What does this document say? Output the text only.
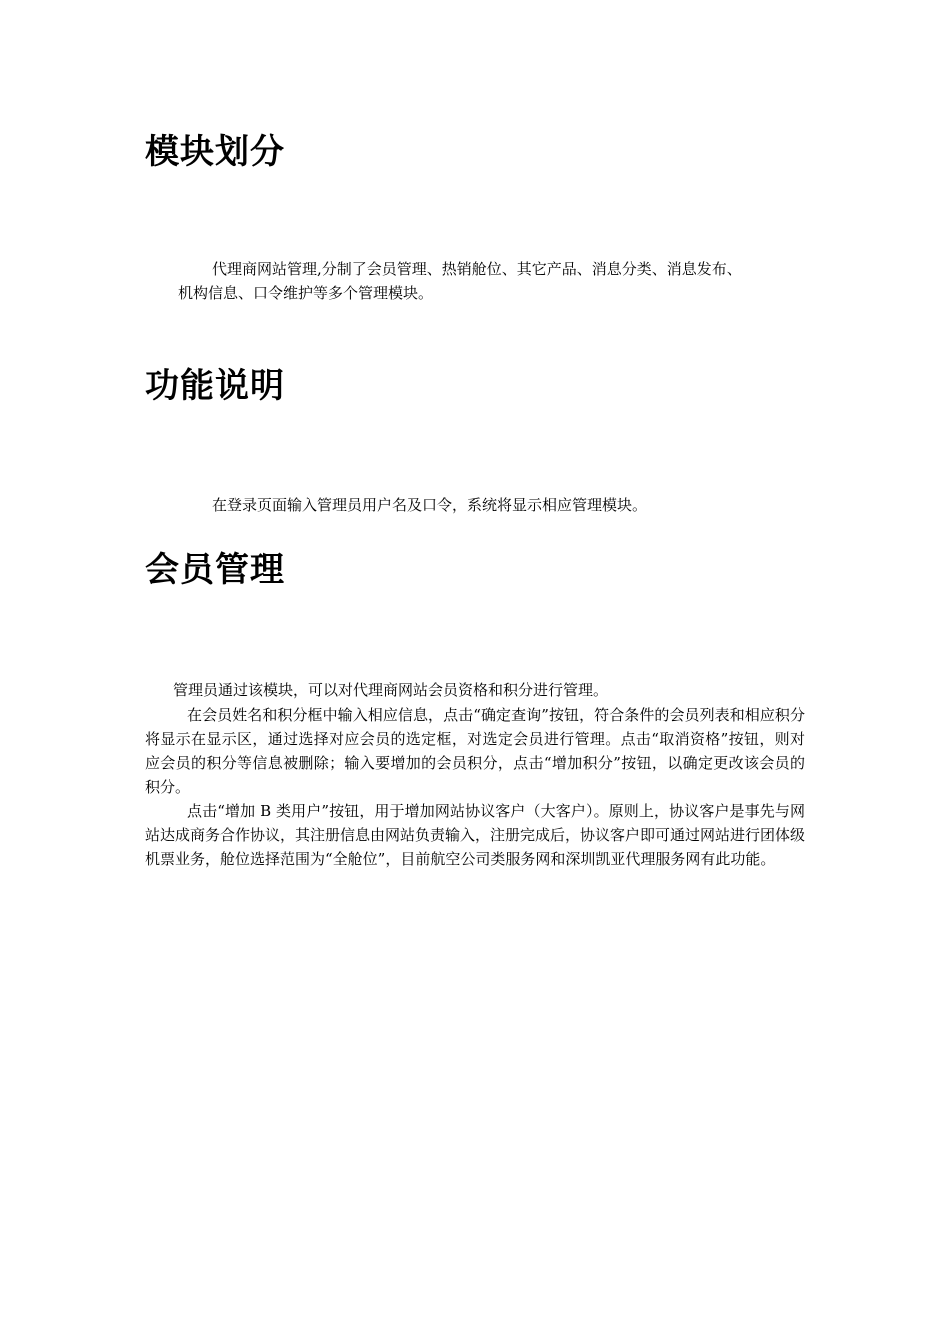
模块划分
代理商网站管理,分制了会员管理、热销舱位、其它产品、消息分类、消息发布、
机构信息、口令维护等多个管理模块。
功能说明
在登录页面输入管理员用户名及口令，系统将显示相应管理模块。
会员管理

管理员通过该模块，可以对代理商网站会员资格和积分进行管理。

在会员姓名和积分框中输入相应信息，点击“确定查询”按钮，符合条件的会员列表和相应积分将显示在显示区，通过选择对应会员的选定框，对选定会员进行管理。点击“取消资格”按钮，则对应会员的积分等信息被删除；输入要增加的会员积分，点击“增加积分”按钮，以确定更改该会员的积分。

点击“增加 B 类用户”按钮，用于增加网站协议客户（大客户）。原则上，协议客户是事先与网站达成商务合作协议，其注册信息由网站负责输入，注册完成后，协议客户即可通过网站进行团体级机票业务，舱位选择范围为“全舱位”，目前航空公司类服务网和深圳凯亚代理服务网有此功能。
